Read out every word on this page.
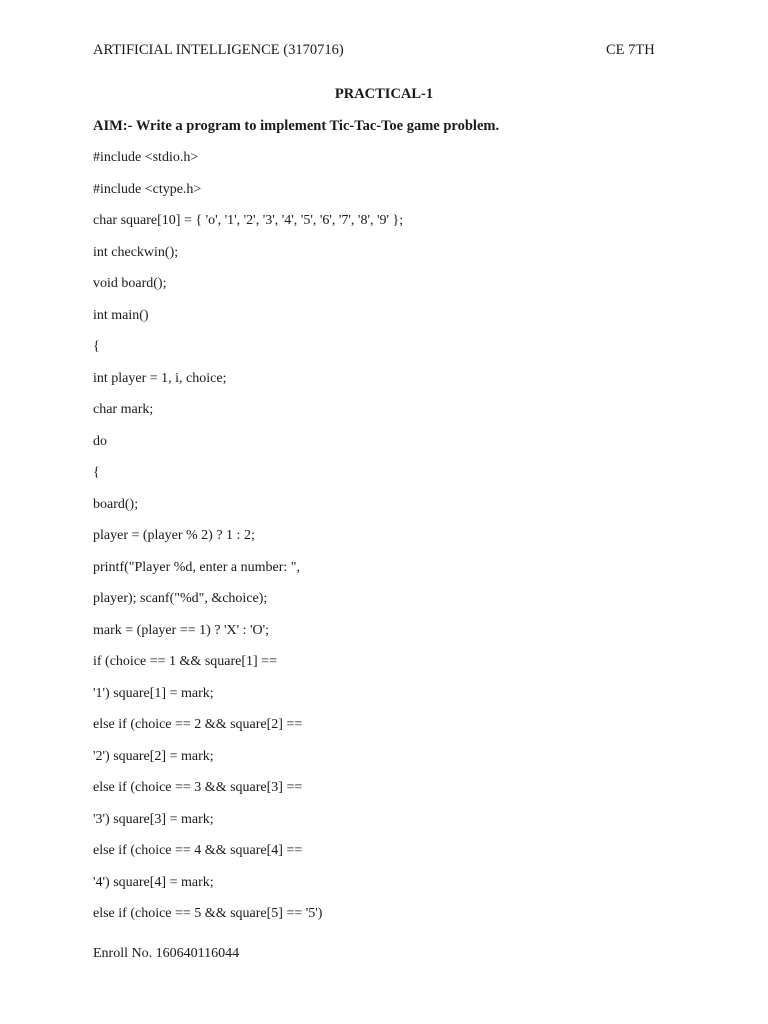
ARTIFICIAL INTELLIGENCE (3170716)	CE 7TH
PRACTICAL-1
AIM:- Write a program to implement Tic-Tac-Toe game problem.
#include <stdio.h>
#include <ctype.h>
char square[10] = { 'o', '1', '2', '3', '4', '5', '6', '7', '8', '9' };
int checkwin();
void board();
int main()
{
int player = 1, i, choice;
char mark;
do
{
board();
player = (player % 2) ? 1 : 2;
printf("Player %d, enter a number: ",
player); scanf("%d", &choice);
mark = (player == 1) ? 'X' : 'O';
if (choice == 1 && square[1] ==
'1') square[1] = mark;
else if (choice == 2 && square[2] ==
'2') square[2] = mark;
else if (choice == 3 && square[3] ==
'3') square[3] = mark;
else if (choice == 4 && square[4] ==
'4') square[4] = mark;
else if (choice == 5 && square[5] == '5')
Enroll No. 160640116044
